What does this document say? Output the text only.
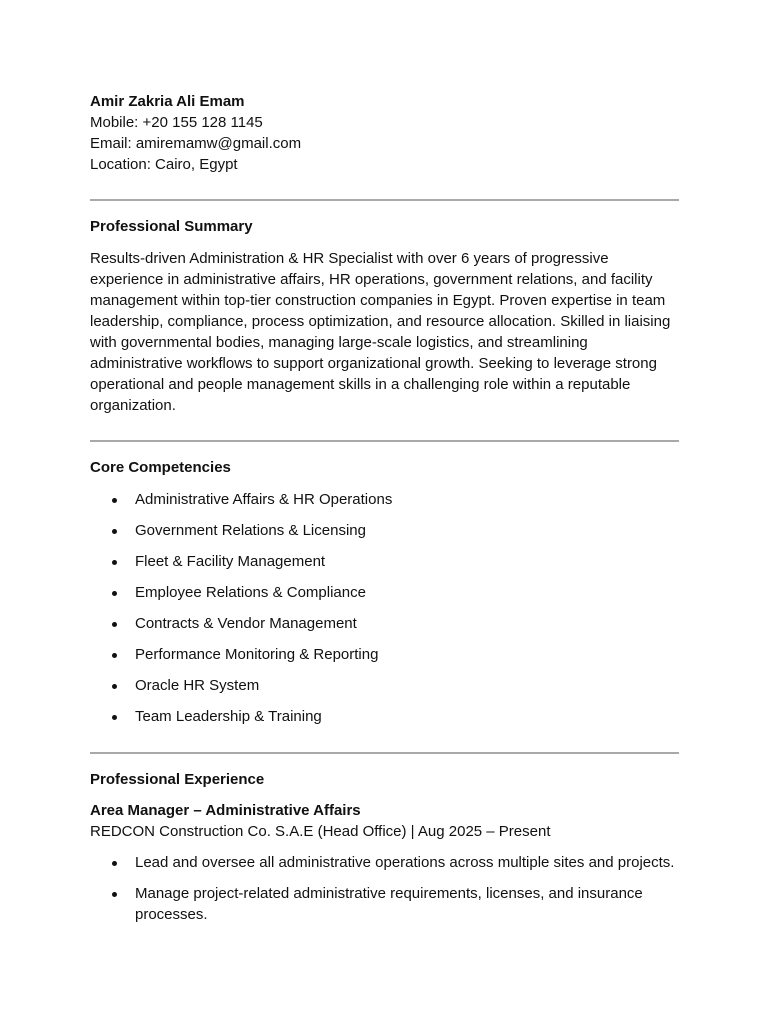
Amir Zakria Ali Emam

Mobile: +20 155 128 1145

Email: amiremamw@gmail.com

Location: Cairo, Egypt

Professional Summary

Results-driven Administration & HR Specialist with over 6 years of progressive experience in administrative affairs, HR operations, government relations, and facility management within top-tier construction companies in Egypt. Proven expertise in team leadership, compliance, process optimization, and resource allocation. Skilled in liaising with governmental bodies, managing large-scale logistics, and streamlining administrative workflows to support organizational growth. Seeking to leverage strong operational and people management skills in a challenging role within a reputable organization.

Core Competencies

Administrative Affairs & HR Operations
Government Relations & Licensing
Fleet & Facility Management
Employee Relations & Compliance
Contracts & Vendor Management
Performance Monitoring & Reporting
Oracle HR System
Team Leadership & Training

Professional Experience

Area Manager – Administrative Affairs

REDCON Construction Co. S.A.E (Head Office) | Aug 2025 – Present

Lead and oversee all administrative operations across multiple sites and projects.
Manage project-related administrative requirements, licenses, and insurance processes.
